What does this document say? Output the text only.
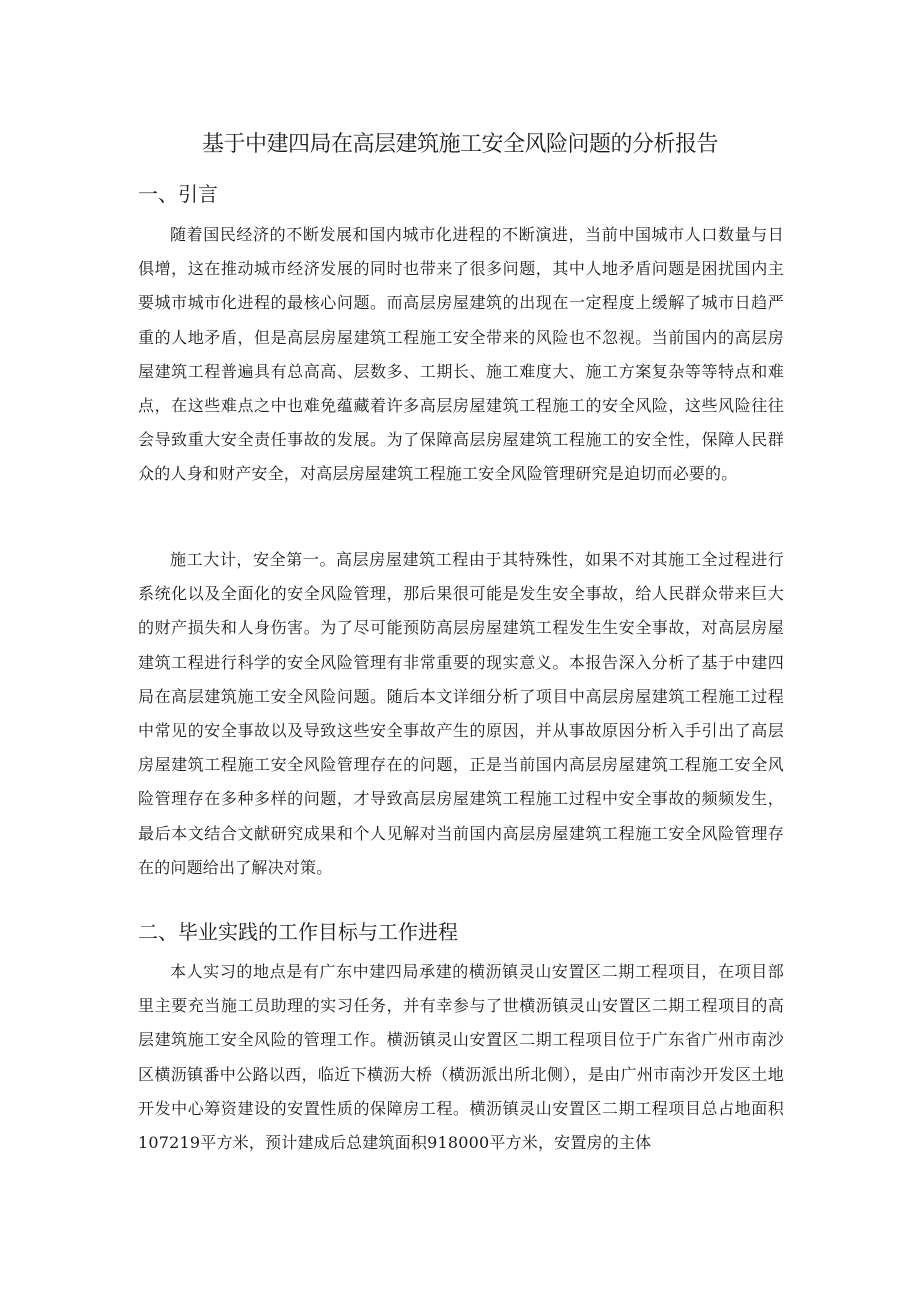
基于中建四局在高层建筑施工安全风险问题的分析报告
一、引言

随着国民经济的不断发展和国内城市化进程的不断演进，当前中国城市人口数量与日俱增，这在推动城市经济发展的同时也带来了很多问题，其中人地矛盾问题是困扰国内主要城市城市化进程的最核心问题。而高层房屋建筑的出现在一定程度上缓解了城市日趋严重的人地矛盾，但是高层房屋建筑工程施工安全带来的风险也不忽视。当前国内的高层房屋建筑工程普遍具有总高高、层数多、工期长、施工难度大、施工方案复杂等等特点和难点，在这些难点之中也难免蕴藏着许多高层房屋建筑工程施工的安全风险，这些风险往往会导致重大安全责任事故的发展。为了保障高层房屋建筑工程施工的安全性，保障人民群众的人身和财产安全，对高层房屋建筑工程施工安全风险管理研究是迫切而必要的。

施工大计，安全第一。高层房屋建筑工程由于其特殊性，如果不对其施工全过程进行系统化以及全面化的安全风险管理，那后果很可能是发生安全事故，给人民群众带来巨大的财产损失和人身伤害。为了尽可能预防高层房屋建筑工程发生生安全事故，对高层房屋建筑工程进行科学的安全风险管理有非常重要的现实意义。本报告深入分析了基于中建四局在高层建筑施工安全风险问题。随后本文详细分析了项目中高层房屋建筑工程施工过程中常见的安全事故以及导致这些安全事故产生的原因，并从事故原因分析入手引出了高层房屋建筑工程施工安全风险管理存在的问题，正是当前国内高层房屋建筑工程施工安全风险管理存在多种多样的问题，才导致高层房屋建筑工程施工过程中安全事故的频频发生，最后本文结合文献研究成果和个人见解对当前国内高层房屋建筑工程施工安全风险管理存在的问题给出了解决对策。

二、毕业实践的工作目标与工作进程

本人实习的地点是有广东中建四局承建的横沥镇灵山安置区二期工程项目，在项目部里主要充当施工员助理的实习任务，并有幸参与了世横沥镇灵山安置区二期工程项目的高层建筑施工安全风险的管理工作。横沥镇灵山安置区二期工程项目位于广东省广州市南沙区横沥镇番中公路以西，临近下横沥大桥（横沥派出所北侧），是由广州市南沙开发区土地开发中心筹资建设的安置性质的保障房工程。横沥镇灵山安置区二期工程项目总占地面积107219平方米，预计建成后总建筑面积918000平方米，安置房的主体
